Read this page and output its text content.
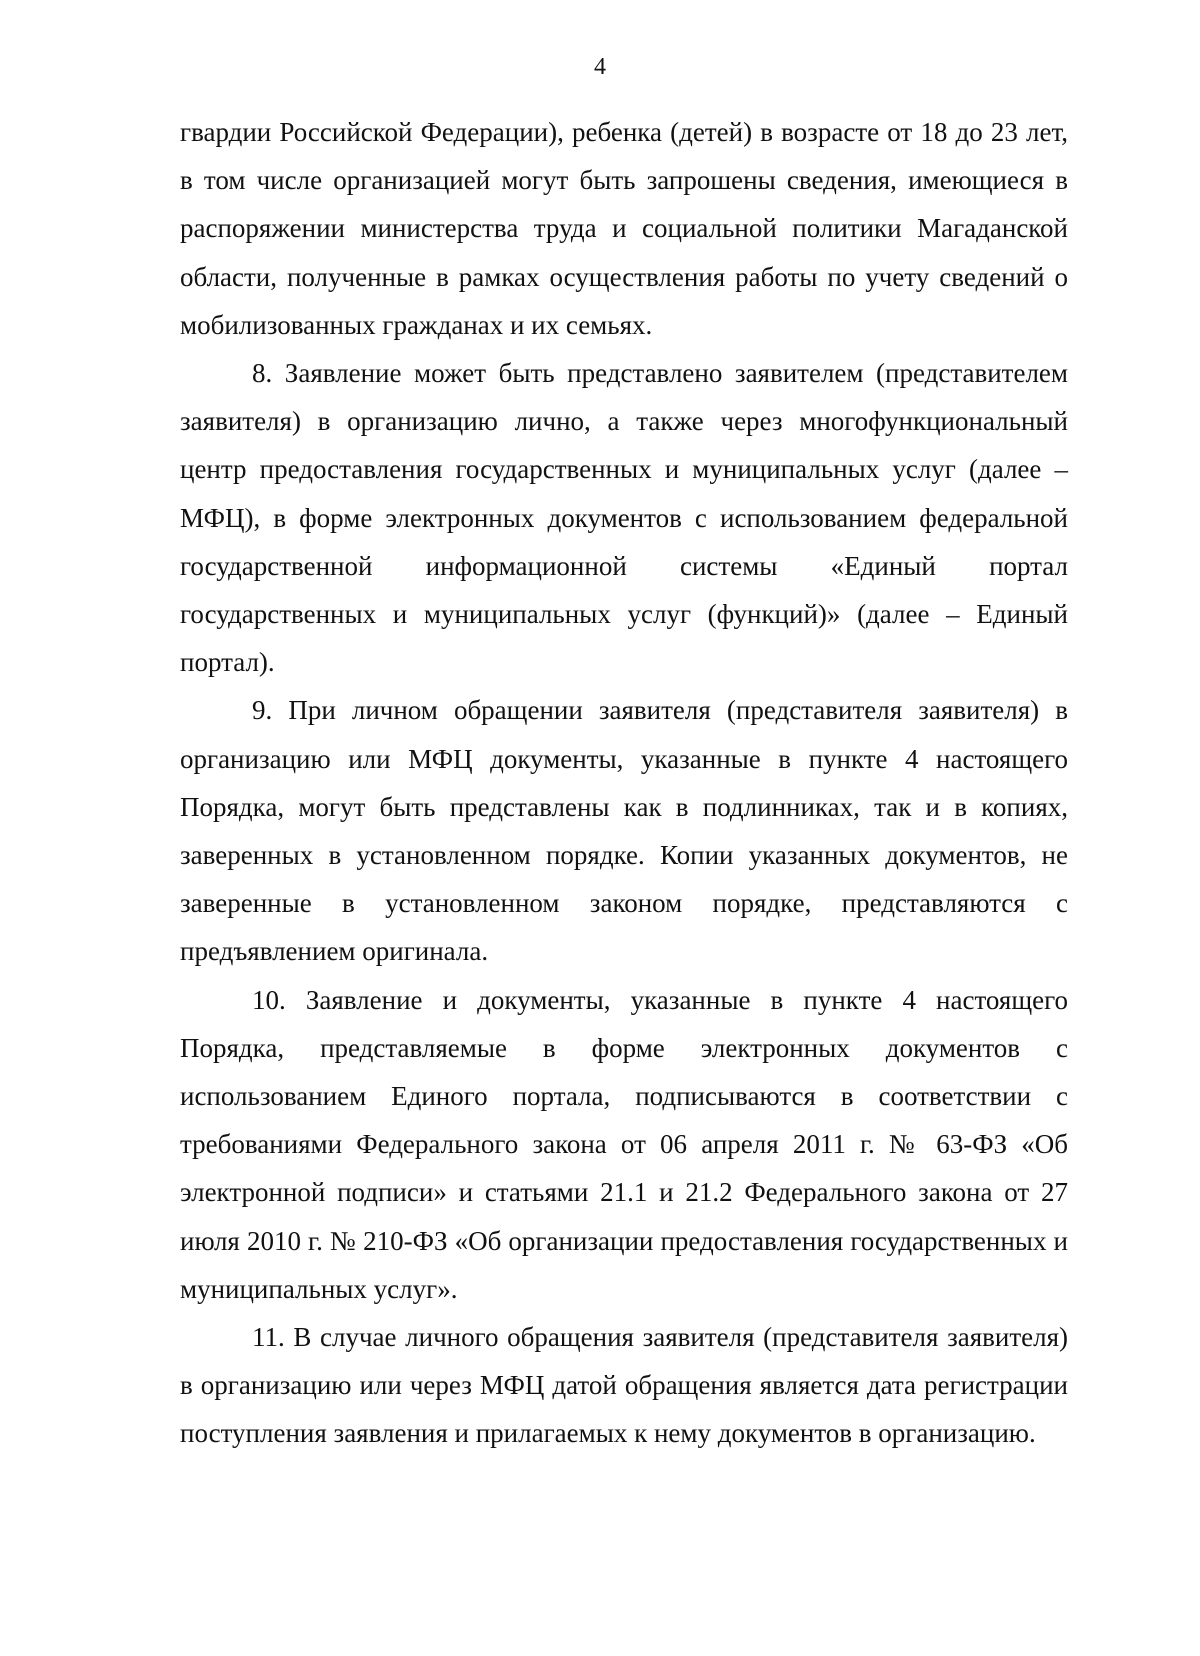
4

гвардии Российской Федерации), ребенка (детей) в возрасте от 18 до 23 лет, в том числе организацией могут быть запрошены сведения, имеющиеся в распоряжении министерства труда и социальной политики Магаданской области, полученные в рамках осуществления работы по учету сведений о мобилизованных гражданах и их семьях.

8. Заявление может быть представлено заявителем (представителем заявителя) в организацию лично, а также через многофункциональный центр предоставления государственных и муниципальных услуг (далее – МФЦ), в форме электронных документов с использованием федеральной государственной информационной системы «Единый портал государственных и муниципальных услуг (функций)» (далее – Единый портал).

9. При личном обращении заявителя (представителя заявителя) в организацию или МФЦ документы, указанные в пункте 4 настоящего Порядка, могут быть представлены как в подлинниках, так и в копиях, заверенных в установленном порядке. Копии указанных документов, не заверенные в установленном законом порядке, представляются с предъявлением оригинала.

10. Заявление и документы, указанные в пункте 4 настоящего Порядка, представляемые в форме электронных документов с использованием Единого портала, подписываются в соответствии с требованиями Федерального закона от 06 апреля 2011 г. № 63-ФЗ «Об электронной подписи» и статьями 21.1 и 21.2 Федерального закона от 27 июля 2010 г. № 210-ФЗ «Об организации предоставления государственных и муниципальных услуг».

11. В случае личного обращения заявителя (представителя заявителя) в организацию или через МФЦ датой обращения является дата регистрации поступления заявления и прилагаемых к нему документов в организацию.
